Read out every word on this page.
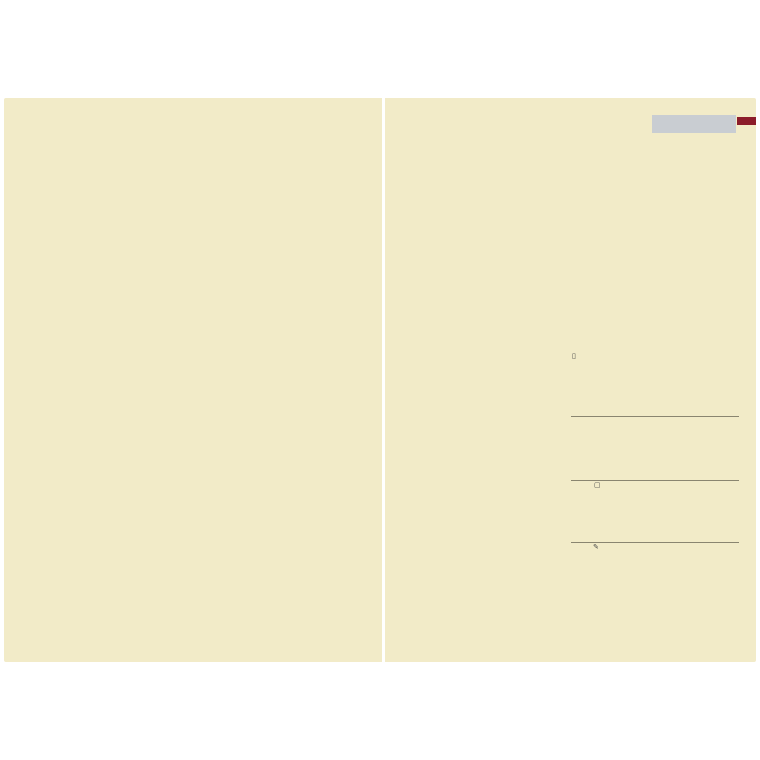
▯
▢
✎
